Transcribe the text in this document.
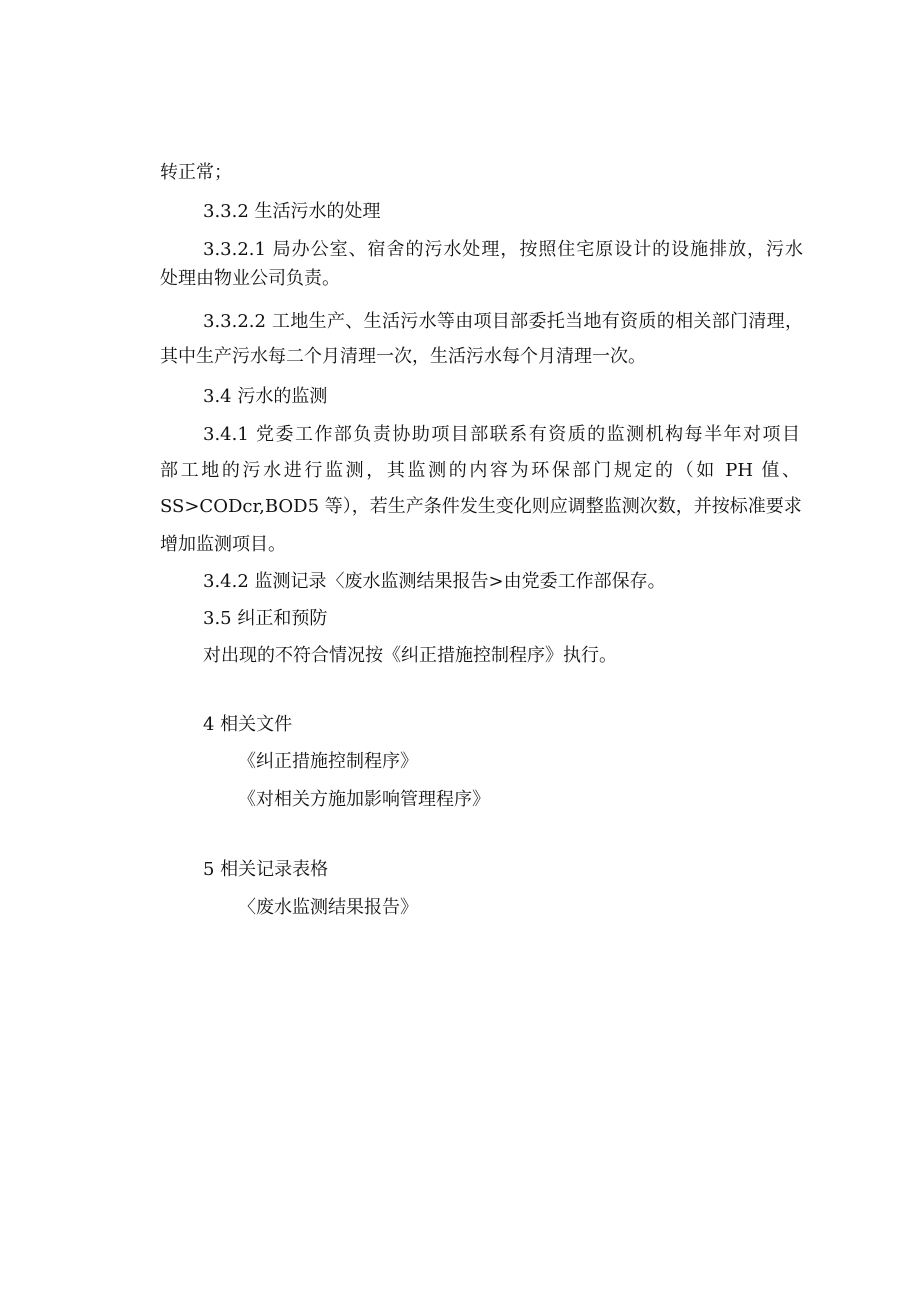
转正常；
3.3.2 生活污水的处理
3.3.2.1 局办公室、宿舍的污水处理，按照住宅原设计的设施排放，污水
处理由物业公司负责。
3.3.2.2 工地生产、生活污水等由项目部委托当地有资质的相关部门清理，
其中生产污水每二个月清理一次，生活污水每个月清理一次。
3.4 污水的监测
3.4.1 党委工作部负责协助项目部联系有资质的监测机构每半年对项目
部工地的污水进行监测，其监测的内容为环保部门规定的（如 PH 值、
SS>CODcr,BOD5 等），若生产条件发生变化则应调整监测次数，并按标准要求
增加监测项目。
3.4.2 监测记录〈废水监测结果报告>由党委工作部保存。
3.5 纠正和预防
对出现的不符合情况按《纠正措施控制程序》执行。
4 相关文件
《纠正措施控制程序》
《对相关方施加影响管理程序》
5 相关记录表格
〈废水监测结果报告》
